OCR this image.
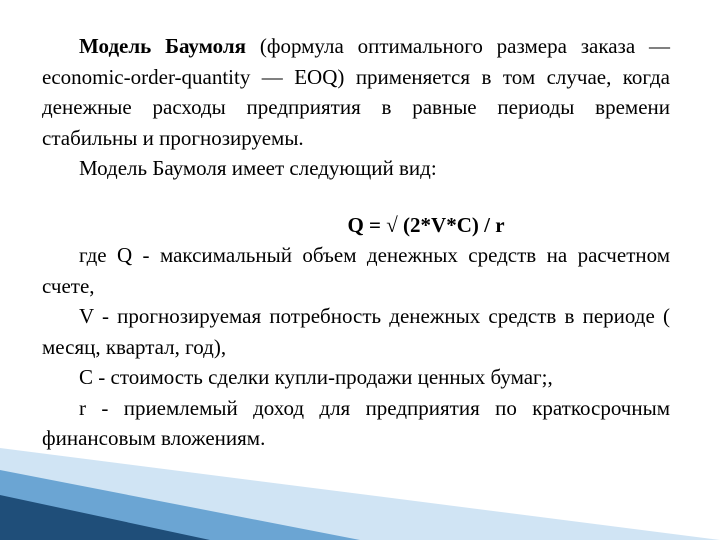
Модель Баумоля (формула оптимального размера заказа — economic-order-quantity — EOQ) применяется в том случае, когда денежные расходы предприятия в равные периоды времени стабильны и прогнозируемы.

Модель Баумоля имеет следующий вид:

Q = √ (2*V*C) / r

где Q - максимальный объем денежных средств на расчетном счете,

V - прогнозируемая потребность денежных средств в периоде ( месяц, квартал, год),

С - стоимость сделки купли-продажи ценных бумаг;,

r - приемлемый доход для предприятия по краткосрочным финансовым вложениям.
